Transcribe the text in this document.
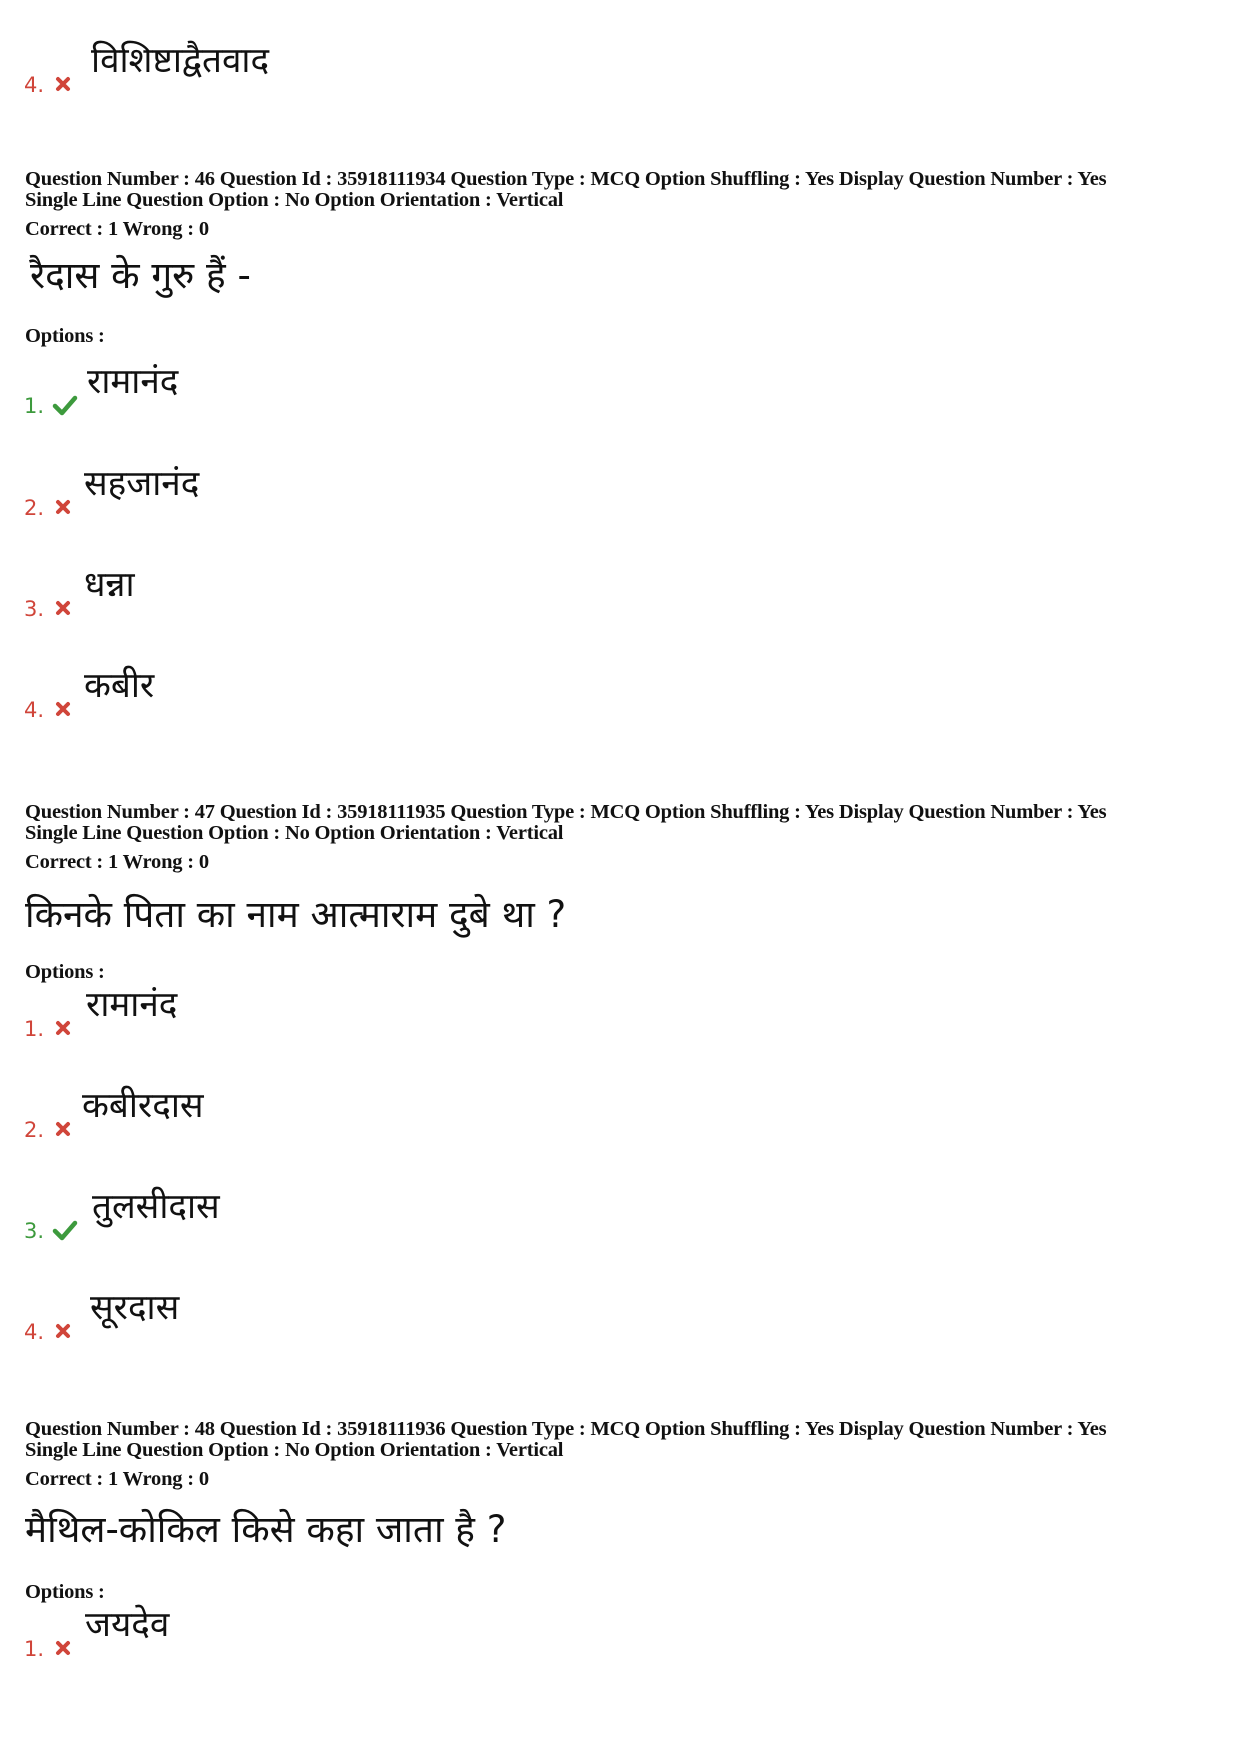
4.
विशिष्टाद्वैतवाद
Question Number : 46 Question Id : 35918111934 Question Type : MCQ Option Shuffling : Yes Display Question Number : Yes
Single Line Question Option : No Option Orientation : Vertical
Correct : 1 Wrong : 0
रैदास के गुरु हैं -
Options :
1.
रामानंद
2.
सहजानंद
3.
धन्ना
4.
कबीर
Question Number : 47 Question Id : 35918111935 Question Type : MCQ Option Shuffling : Yes Display Question Number : Yes
Single Line Question Option : No Option Orientation : Vertical
Correct : 1 Wrong : 0
किनके पिता का नाम आत्माराम दुबे था ?
Options :
1.
रामानंद
2.
कबीरदास
3.
तुलसीदास
4.
सूरदास
Question Number : 48 Question Id : 35918111936 Question Type : MCQ Option Shuffling : Yes Display Question Number : Yes
Single Line Question Option : No Option Orientation : Vertical
Correct : 1 Wrong : 0
मैथिल-कोकिल किसे कहा जाता है ?
Options :
1.
जयदेव
